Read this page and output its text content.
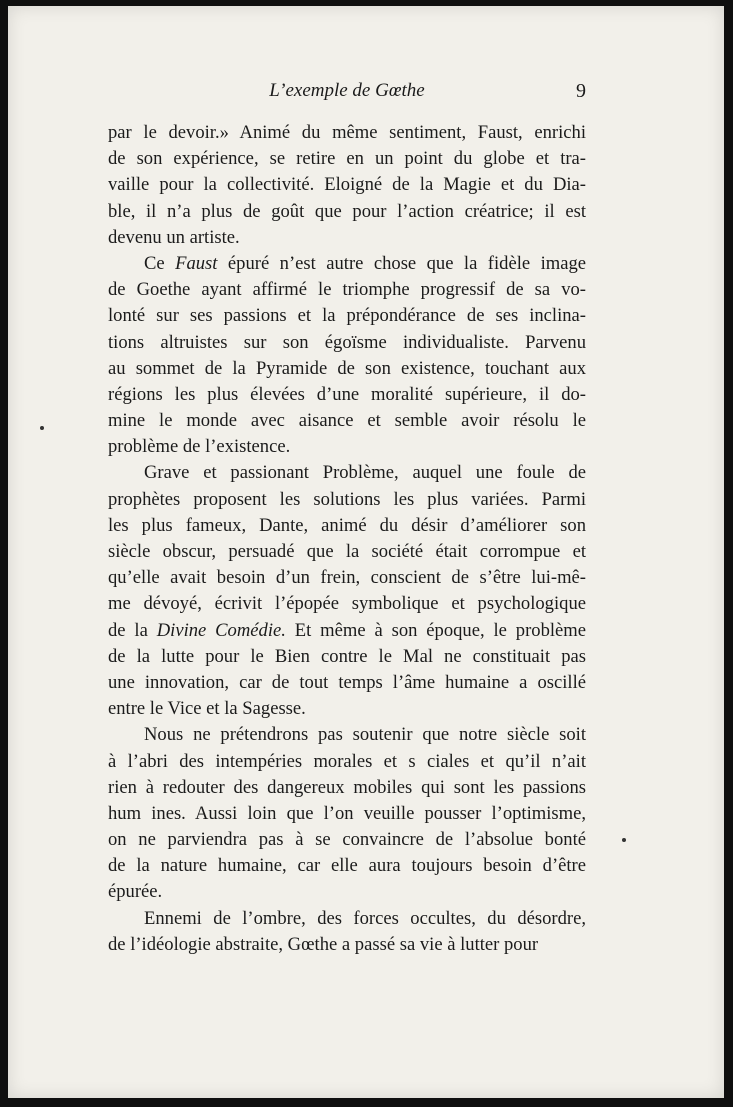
L’exemple de Gœthe	9
par le devoir.» Animé du même sentiment, Faust, enrichi
de son expérience, se retire en un point du globe et tra-
vaille pour la collectivité. Eloigné de la Magie et du Dia-
ble, il n’a plus de goût que pour l’action créatrice; il est
devenu un artiste.
Ce Faust épuré n’est autre chose que la fidèle image
de Goethe ayant affirmé le triomphe progressif de sa vo-
lonté sur ses passions et la prépondérance de ses inclina-
tions altruistes sur son égoïsme individualiste. Parvenu
au sommet de la Pyramide de son existence, touchant aux
régions les plus élevées d’une moralité supérieure, il do-
mine le monde avec aisance et semble avoir résolu le
problème de l’existence.
Grave et passionant Problème, auquel une foule de
prophètes proposent les solutions les plus variées. Parmi
les plus fameux, Dante, animé du désir d’améliorer son
siècle obscur, persuadé que la société était corrompue et
qu’elle avait besoin d’un frein, conscient de s’être lui-mê-
me dévoyé, écrivit l’épopée symbolique et psychologique
de la Divine Comédie. Et même à son époque, le problème
de la lutte pour le Bien contre le Mal ne constituait pas
une innovation, car de tout temps l’âme humaine a oscillé
entre le Vice et la Sagesse.
Nous ne prétendrons pas soutenir que notre siècle soit
à l’abri des intempéries morales et s ciales et qu’il n’ait
rien à redouter des dangereux mobiles qui sont les passions
hum ines. Aussi loin que l’on veuille pousser l’optimisme,
on ne parviendra pas à se convaincre de l’absolue bonté
de la nature humaine, car elle aura toujours besoin d’être
épurée.
Ennemi de l’ombre, des forces occultes, du désordre,
de l’idéologie abstraite, Gœthe a passé sa vie à lutter pour
